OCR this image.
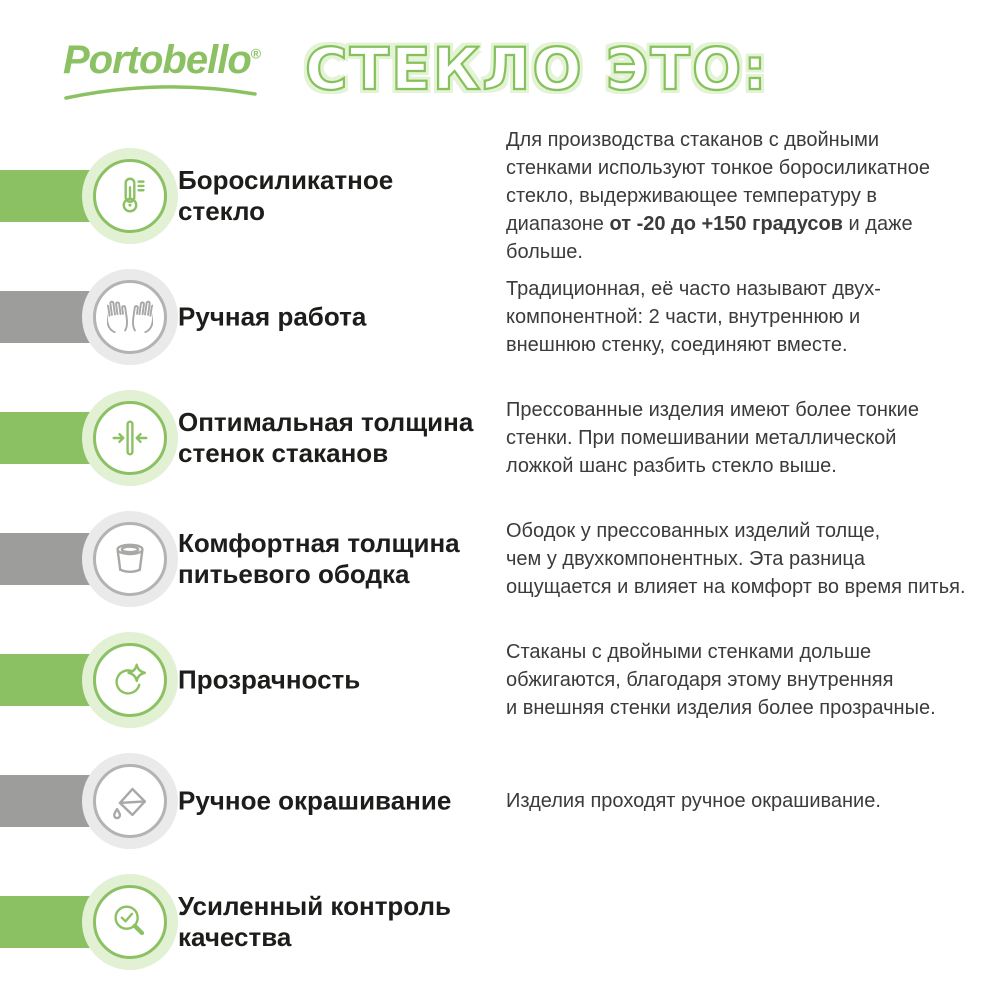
Portobello® СТЕКЛО ЭТО:
Боросиликатное
стекло
Для производства стаканов с двойными
стенками используют тонкое боросиликатное
стекло, выдерживающее температуру в
диапазоне от -20 до +150 градусов и даже больше.
Ручная работа
Традиционная, её часто называют двух-
компонентной: 2 части, внутреннюю и
внешнюю стенку, соединяют вместе.
Оптимальная толщина
стенок стаканов
Прессованные изделия имеют более тонкие
стенки. При помешивании металлической
ложкой шанс разбить стекло выше.
Комфортная толщина
питьевого ободка
Ободок у прессованных изделий толще,
чем у двухкомпонентных. Эта разница
ощущается и влияет на комфорт во время питья.
Прозрачность
Стаканы с двойными стенками дольше
обжигаются, благодаря этому внутренняя
и внешняя стенки изделия более прозрачные.
Ручное окрашивание	Изделия проходят ручное окрашивание.
Усиленный контроль
качества
